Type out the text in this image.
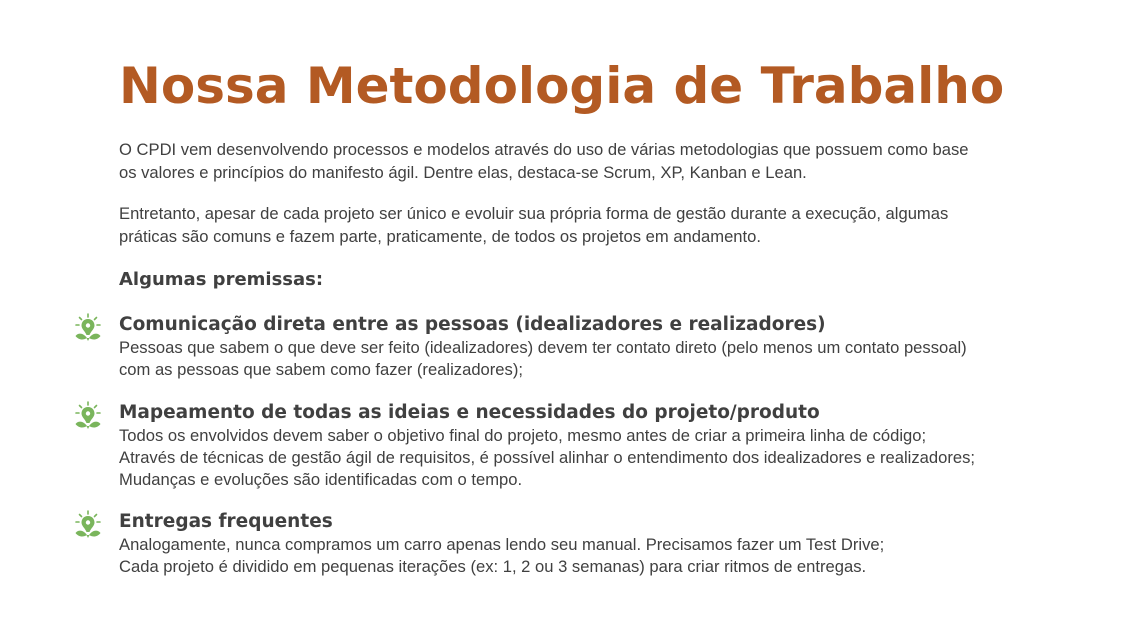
Nossa Metodologia de Trabalho

O CPDI vem desenvolvendo processos e modelos através do uso de várias metodologias que possuem como base
os valores e princípios do manifesto ágil. Dentre elas, destaca-se Scrum, XP, Kanban e Lean.

Entretanto, apesar de cada projeto ser único e evoluir sua própria forma de gestão durante a execução, algumas
práticas são comuns e fazem parte, praticamente, de todos os projetos em andamento.

Algumas premissas:
Comunicação direta entre as pessoas (idealizadores e realizadores)

Pessoas que sabem o que deve ser feito (idealizadores) devem ter contato direto (pelo menos um contato pessoal)
com as pessoas que sabem como fazer (realizadores);

Mapeamento de todas as ideias e necessidades do projeto/produto

Todos os envolvidos devem saber o objetivo final do projeto, mesmo antes de criar a primeira linha de código;
Através de técnicas de gestão ágil de requisitos, é possível alinhar o entendimento dos idealizadores e realizadores;
Mudanças e evoluções são identificadas com o tempo.

Entregas frequentes

Analogamente, nunca compramos um carro apenas lendo seu manual. Precisamos fazer um Test Drive;
Cada projeto é dividido em pequenas iterações (ex: 1, 2 ou 3 semanas) para criar ritmos de entregas.
